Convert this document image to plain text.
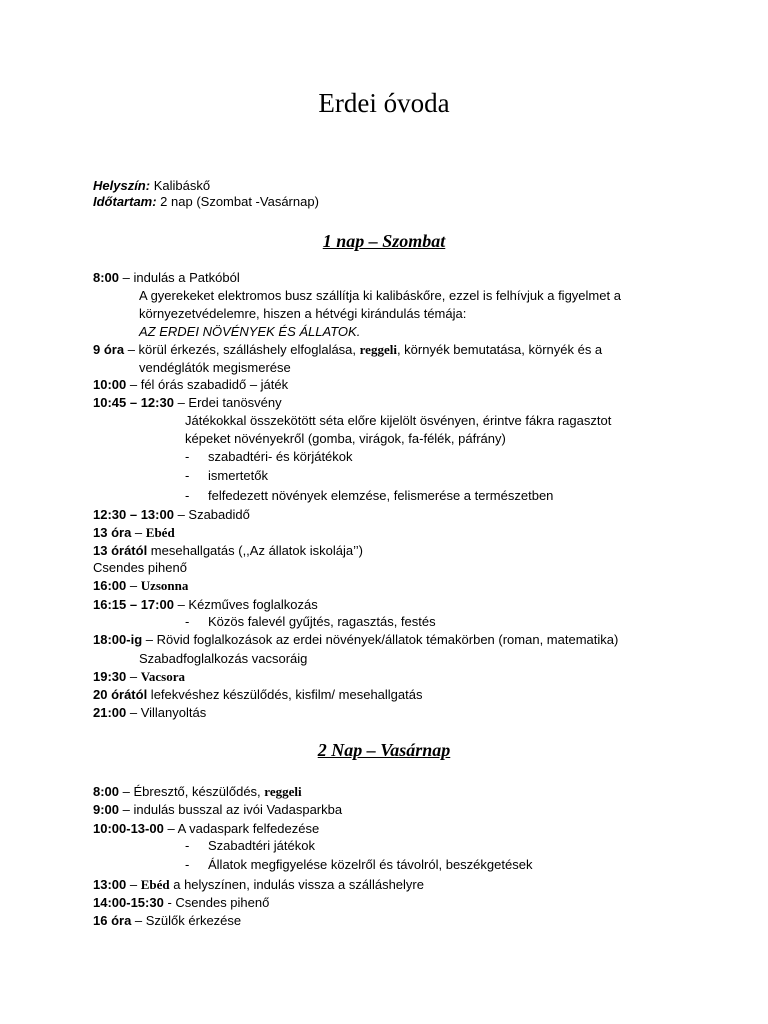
Erdei óvoda
Helyszín: Kalibáskő
Időtartam: 2 nap (Szombat -Vasárnap)
1 nap – Szombat
8:00 – indulás a Patkóból
A gyerekeket elektromos busz szállítja ki kalibáskőre, ezzel is felhívjuk a figyelmet a
környezetvédelemre, hiszen a hétvégi kirándulás témája:
AZ ERDEI NÖVÉNYEK ÉS ÁLLATOK.
9 óra – körül érkezés, szálláshely elfoglalása, reggeli, környék bemutatása, környék és a
vendéglátók megismerése
10:00 – fél órás szabadidő – játék
10:45 – 12:30 – Erdei tanösvény
Játékokkal összekötött séta előre kijelölt ösvényen, érintve fákra ragasztot
képeket növényekről (gomba, virágok, fa-félék, páfrány)
- szabadtéri- és körjátékok
- ismertetők
- felfedezett növények elemzése, felismerése a természetben
12:30 – 13:00 – Szabadidő
13 óra – Ebéd
13 órától mesehallgatás (,,Az állatok iskolája’’)
Csendes pihenő
16:00 – Uzsonna
16:15 – 17:00 – Kézműves foglalkozás
- Közös falevél gyűjtés, ragasztás, festés
18:00-ig – Rövid foglalkozások az erdei növények/állatok témakörben (roman, matematika)
Szabadfoglalkozás vacsoráig
19:30 – Vacsora
20 órától lefekvéshez készülődés, kisfilm/ mesehallgatás
21:00 – Villanyoltás
2 Nap – Vasárnap
8:00 – Ébresztő, készülődés, reggeli
9:00 – indulás busszal az ivói Vadasparkba
10:00-13-00 – A vadaspark felfedezése
- Szabadtéri játékok
- Állatok megfigyelése közelről és távolról, beszékgetések
13:00 – Ebéd a helyszínen, indulás vissza a szálláshelyre
14:00-15:30 - Csendes pihenő
16 óra – Szülők érkezése
